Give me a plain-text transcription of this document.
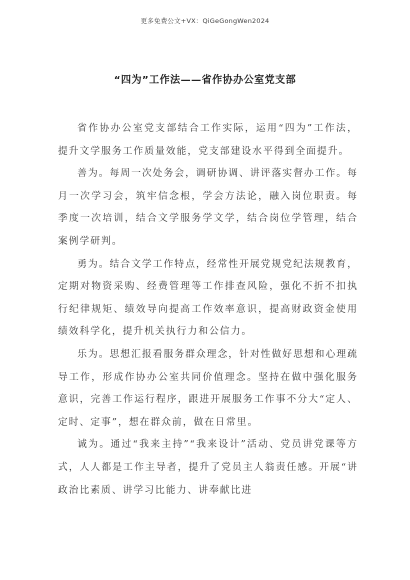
更多免费公文+VX：QiGeGongWen2024
“四为”工作法——省作协办公室党支部

省作协办公室党支部结合工作实际，运用“四为”工作法，提升文学服务工作质量效能，党支部建设水平得到全面提升。

善为。每周一次处务会，调研协调、讲评落实督办工作。每月一次学习会，筑牢信念根，学会方法论，融入岗位职责。每季度一次培训，结合文学服务学文学，结合岗位学管理，结合案例学研判。

勇为。结合文学工作特点，经常性开展党规党纪法规教育，定期对物资采购、经费管理等工作排查风险，强化不折不扣执行纪律规矩、绩效导向提高工作效率意识，提高财政资金使用绩效科学化，提升机关执行力和公信力。

乐为。思想汇报看服务群众理念，针对性做好思想和心理疏导工作，形成作协办公室共同价值理念。坚持在做中强化服务意识，完善工作运行程序，跟进开展服务工作事不分大“定人、定时、定事”，想在群众前，做在日常里。

诚为。通过“我来主持”“我来设计”活动、党员讲党课等方式，人人都是工作主导者，提升了党员主人翁责任感。开展“讲政治比素质、讲学习比能力、讲奉献比进
